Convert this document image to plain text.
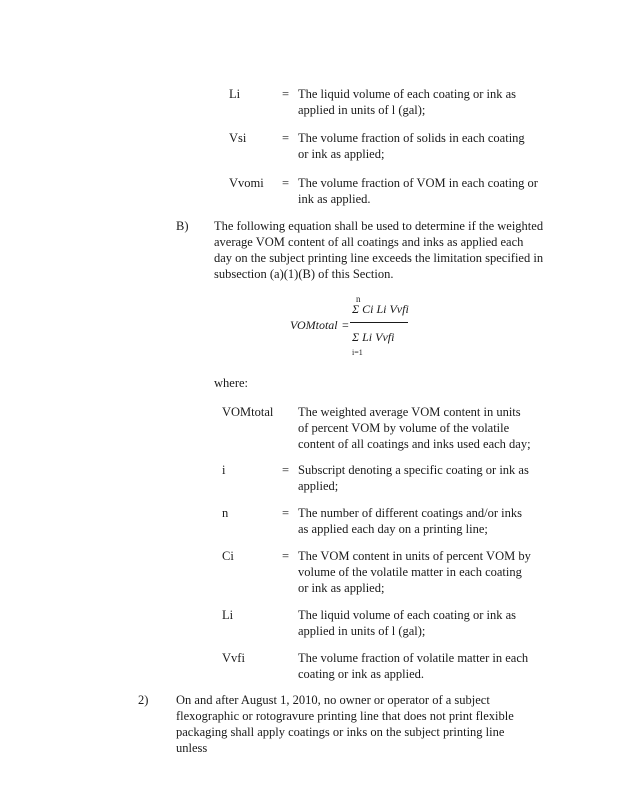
Li	= The liquid volume of each coating or ink as applied in units of l (gal);
Vsi	= The volume fraction of solids in each coating or ink as applied;
Vvomi = The volume fraction of VOM in each coating or ink as applied.
B) The following equation shall be used to determine if the weighted average VOM content of all coatings and inks as applied each day on the subject printing line exceeds the limitation specified in subsection (a)(1)(B) of this Section.
VOMtotal =
n
Σ Ci Li Vvfi
Σ Li Vvfi
i=1
where:
VOMtotal The weighted average VOM content in units of percent VOM by volume of the volatile content of all coatings and inks used each day;
i	= Subscript denoting a specific coating or ink as applied;
n	= The number of different coatings and/or inks as applied each day on a printing line;
Ci	= The VOM content in units of percent VOM by volume of the volatile matter in each coating or ink as applied;
Li	The liquid volume of each coating or ink as applied in units of l (gal);
Vvfi	The volume fraction of volatile matter in each coating or ink as applied.
2) On and after August 1, 2010, no owner or operator of a subject flexographic or rotogravure printing line that does not print flexible packaging shall apply coatings or inks on the subject printing line unless
